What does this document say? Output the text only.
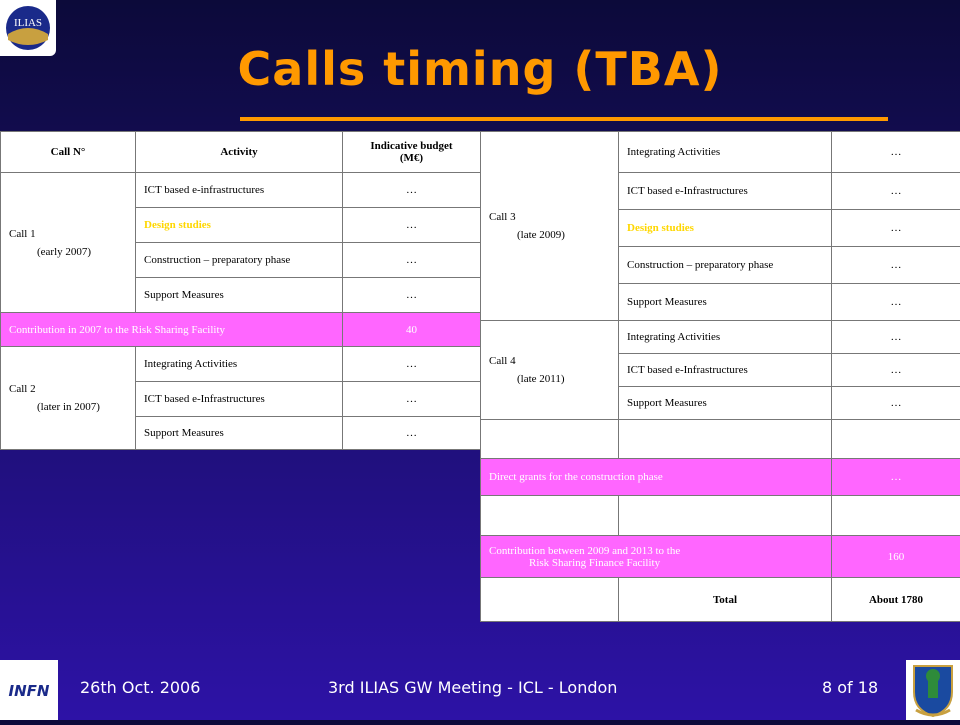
ILIAS
Calls timing (TBA)
Call N°	Activity	Indicative budget
(M€)
Call 1
(early 2007)	ICT based e-infrastructures	…
	Design studies	…
	Construction – preparatory phase	…
	Support Measures	…
Contribution in 2007 to the Risk Sharing Facility		40
Call 2
(later in 2007)	Integrating Activities	…
	ICT based e-Infrastructures	…
	Support Measures	…
Call 3
(late 2009)	Integrating Activities	…
	ICT based e-Infrastructures	…
	Design studies	…
	Construction – preparatory phase	…
	Support Measures	…
Call 4
(late 2011)	Integrating Activities	…
	ICT based e-Infrastructures	…
	Support Measures	…

Direct grants for the construction phase		…

Contribution between 2009 and 2013 to the
Risk Sharing Finance Facility		160
	Total	About 1780
INFN 26th Oct. 2006	3rd ILIAS GW Meeting - ICL - London	8 of 18
